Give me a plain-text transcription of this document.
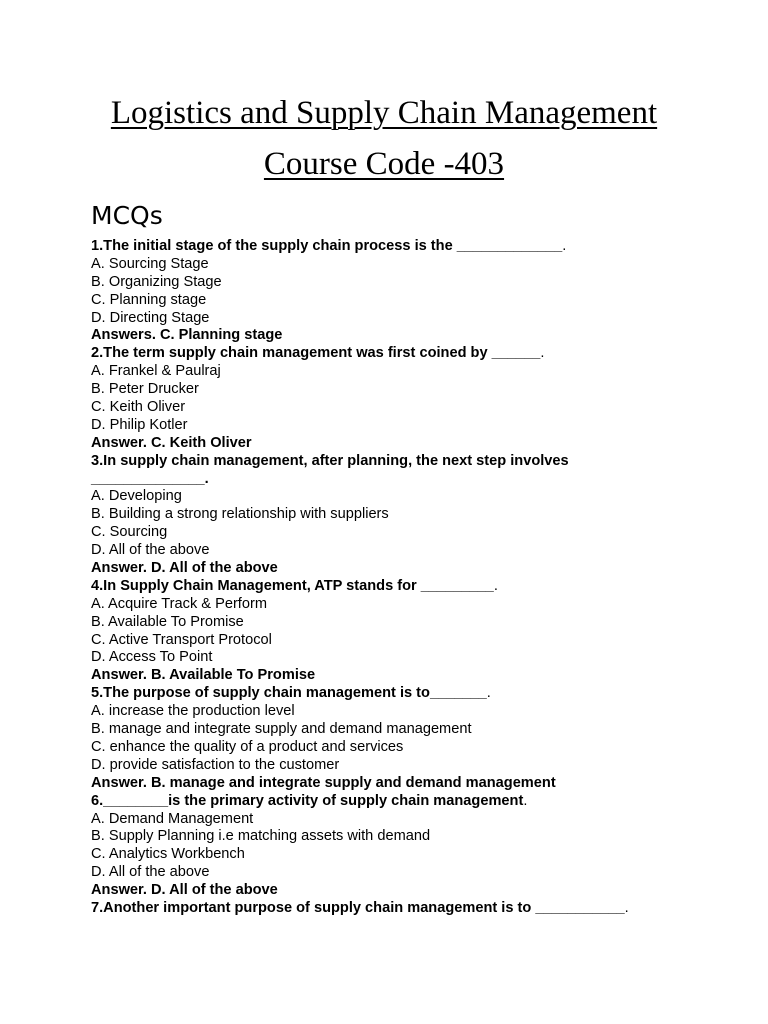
Logistics and Supply Chain Management
Course Code -403
MCQs
1.The initial stage of the supply chain process is the _____________.
A. Sourcing Stage
B. Organizing Stage
C. Planning stage
D. Directing Stage
Answers. C. Planning stage
2.The term supply chain management was first coined by ______.
A. Frankel & Paulraj
B. Peter Drucker
C. Keith Oliver
D. Philip Kotler
Answer. C. Keith Oliver
3.In supply chain management, after planning, the next step involves
______________.
A. Developing
B. Building a strong relationship with suppliers
C. Sourcing
D. All of the above
Answer. D. All of the above
4.In Supply Chain Management, ATP stands for _________.
A. Acquire Track & Perform
B. Available To Promise
C. Active Transport Protocol
D. Access To Point
Answer. B. Available To Promise
5.The purpose of supply chain management is to_______.
A. increase the production level
B. manage and integrate supply and demand management
C. enhance the quality of a product and services
D. provide satisfaction to the customer
Answer. B. manage and integrate supply and demand management
6.________is the primary activity of supply chain management.
A. Demand Management
B. Supply Planning i.e matching assets with demand
C. Analytics Workbench
D. All of the above
Answer. D. All of the above
7.Another important purpose of supply chain management is to ___________.
